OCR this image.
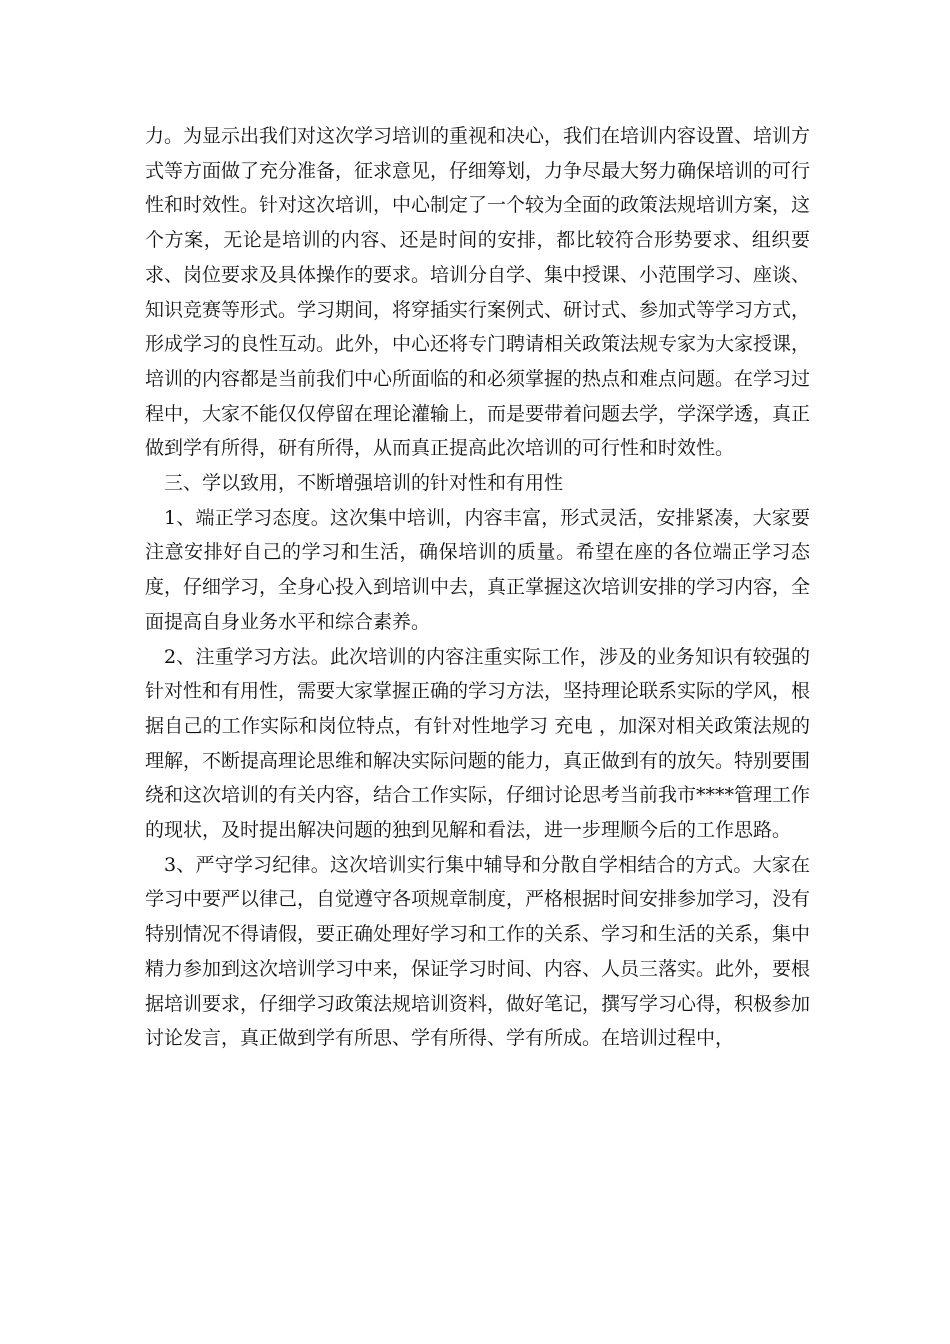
力。为显示出我们对这次学习培训的重视和决心，我们在培训内容设置、培训方式等方面做了充分准备，征求意见，仔细筹划，力争尽最大努力确保培训的可行性和时效性。针对这次培训，中心制定了一个较为全面的政策法规培训方案，这个方案，无论是培训的内容、还是时间的安排，都比较符合形势要求、组织要求、岗位要求及具体操作的要求。培训分自学、集中授课、小范围学习、座谈、知识竞赛等形式。学习期间，将穿插实行案例式、研讨式、参加式等学习方式，形成学习的良性互动。此外，中心还将专门聘请相关政策法规专家为大家授课，培训的内容都是当前我们中心所面临的和必须掌握的热点和难点问题。在学习过程中，大家不能仅仅停留在理论灌输上，而是要带着问题去学，学深学透，真正做到学有所得，研有所得，从而真正提高此次培训的可行性和时效性。

三、学以致用，不断增强培训的针对性和有用性

1、端正学习态度。这次集中培训，内容丰富，形式灵活，安排紧凑，大家要注意安排好自己的学习和生活，确保培训的质量。希望在座的各位端正学习态度，仔细学习，全身心投入到培训中去，真正掌握这次培训安排的学习内容，全面提高自身业务水平和综合素养。

2、注重学习方法。此次培训的内容注重实际工作，涉及的业务知识有较强的针对性和有用性，需要大家掌握正确的学习方法，坚持理论联系实际的学风，根据自己的工作实际和岗位特点，有针对性地学习 充电 ，加深对相关政策法规的理解，不断提高理论思维和解决实际问题的能力，真正做到有的放矢。特别要围绕和这次培训的有关内容，结合工作实际，仔细讨论思考当前我市****管理工作的现状，及时提出解决问题的独到见解和看法，进一步理顺今后的工作思路。

3、严守学习纪律。这次培训实行集中辅导和分散自学相结合的方式。大家在学习中要严以律己，自觉遵守各项规章制度，严格根据时间安排参加学习，没有特别情况不得请假，要正确处理好学习和工作的关系、学习和生活的关系，集中精力参加到这次培训学习中来，保证学习时间、内容、人员三落实。此外，要根据培训要求，仔细学习政策法规培训资料，做好笔记，撰写学习心得，积极参加讨论发言，真正做到学有所思、学有所得、学有所成。在培训过程中，
